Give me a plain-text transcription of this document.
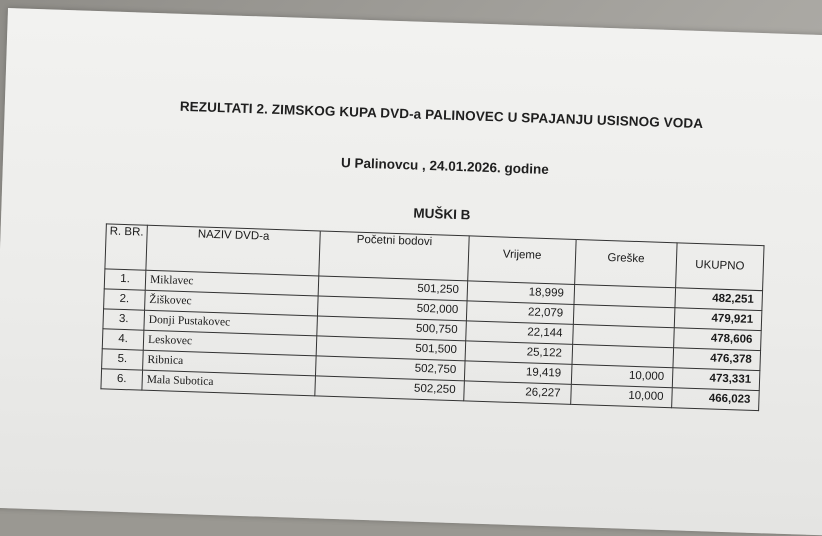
REZULTATI 2. ZIMSKOG KUPA DVD-a PALINOVEC U SPAJANJU USISNOG VODA
U Palinovcu , 24.01.2026. godine
MUŠKI B
R. BR.	NAZIV DVD-a	Početni bodovi	Vrijeme	Greške	UKUPNO
1.	Miklavec	501,250	18,999		482,251
2.	Žiškovec	502,000	22,079		479,921
3.	Donji Pustakovec	500,750	22,144		478,606
4.	Leskovec	501,500	25,122		476,378
5.	Ribnica	502,750	19,419	10,000	473,331
6.	Mala Subotica	502,250	26,227	10,000	466,023
